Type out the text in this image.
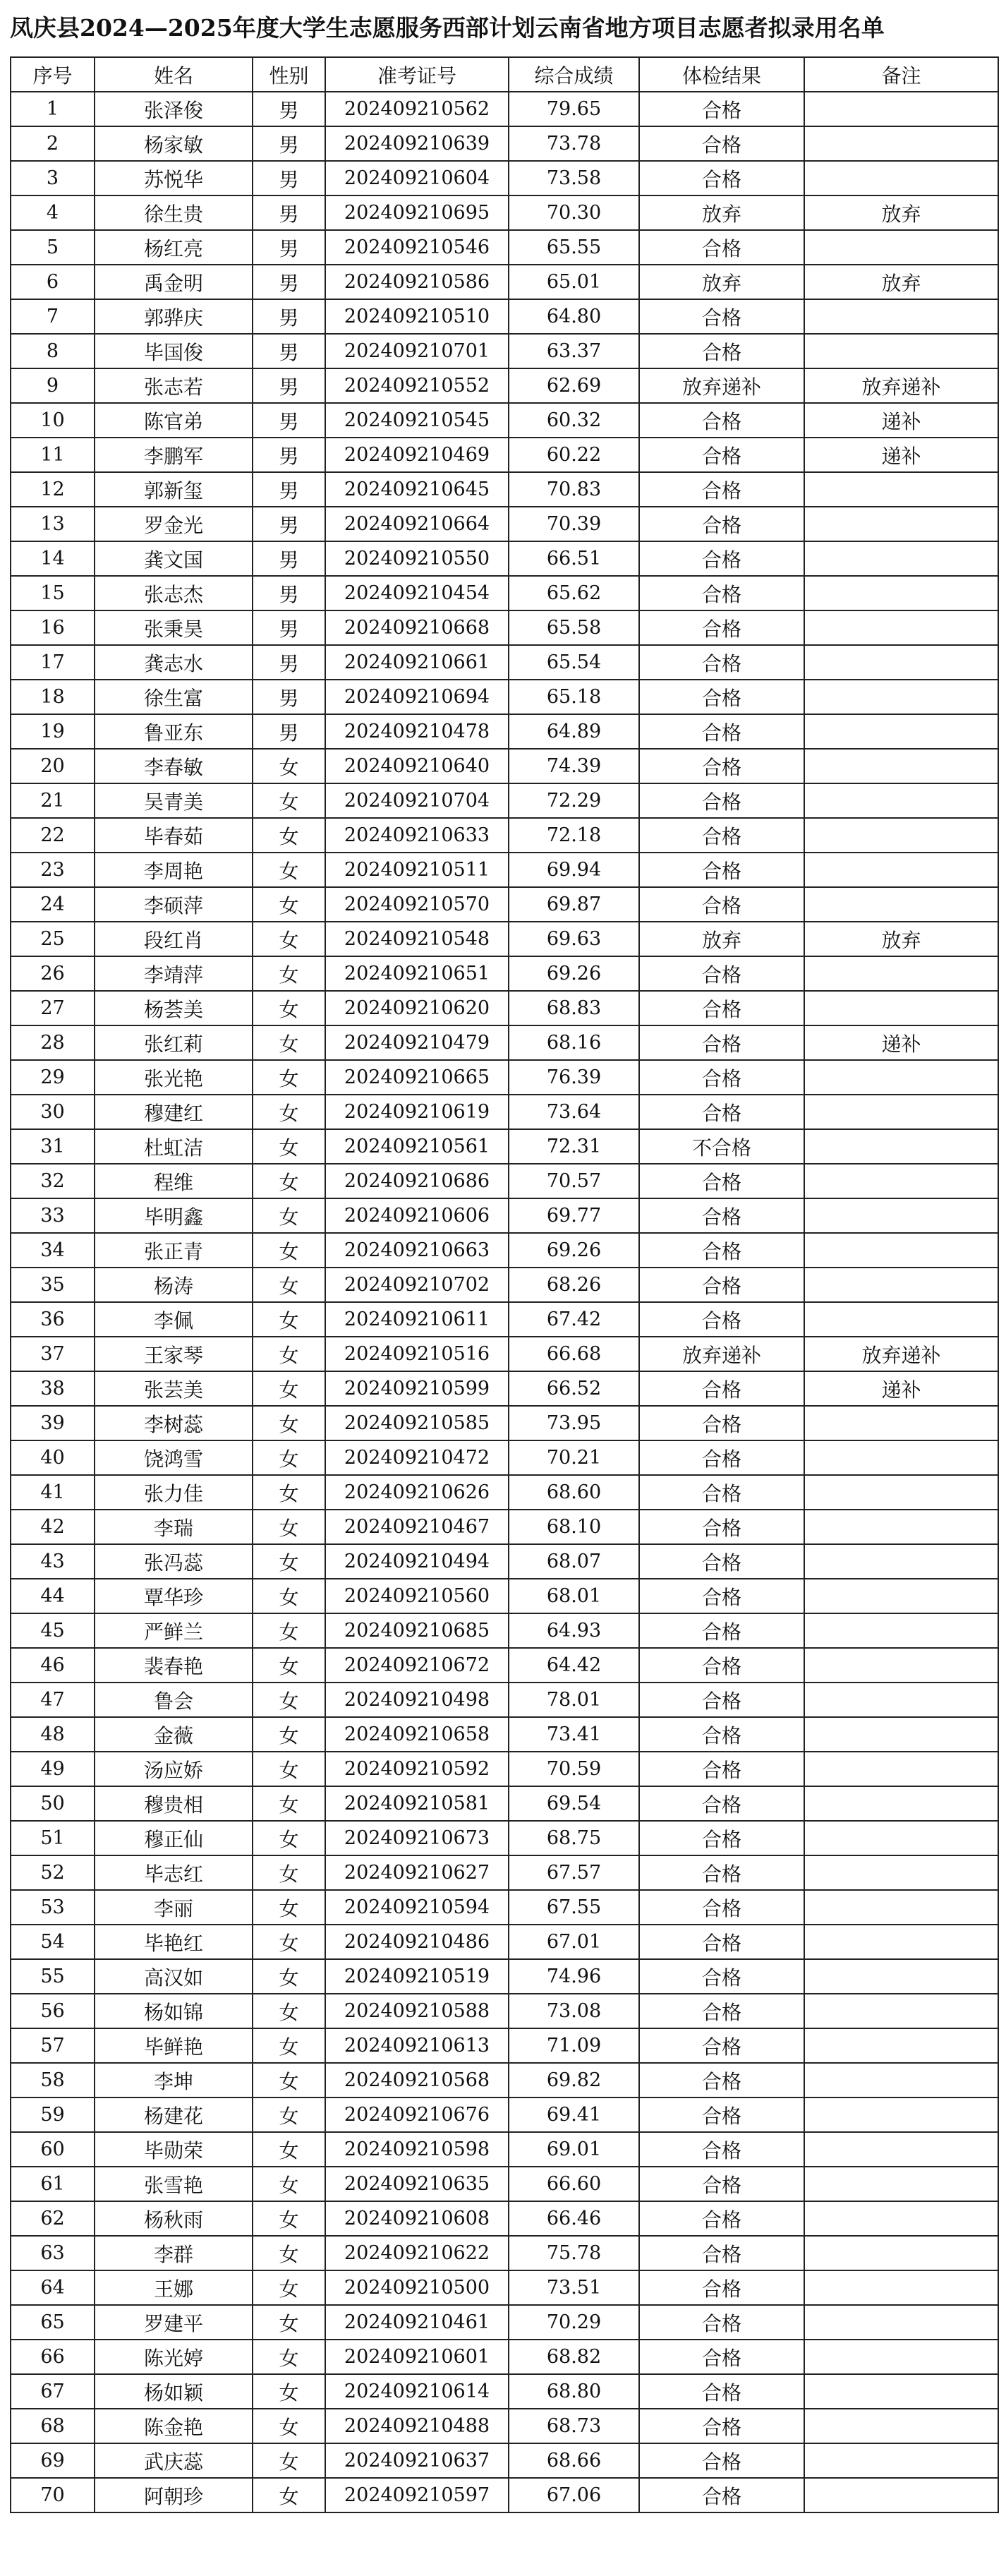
凤庆县2024—2025年度大学生志愿服务西部计划云南省地方项目志愿者拟录用名单
序号	姓名	性别	准考证号	综合成绩	体检结果	备注
1	张泽俊	男	202409210562	79.65	合格	
2	杨家敏	男	202409210639	73.78	合格	
3	苏悦华	男	202409210604	73.58	合格	
4	徐生贵	男	202409210695	70.30	放弃	放弃
5	杨红亮	男	202409210546	65.55	合格	
6	禹金明	男	202409210586	65.01	放弃	放弃
7	郭骅庆	男	202409210510	64.80	合格	
8	毕国俊	男	202409210701	63.37	合格	
9	张志若	男	202409210552	62.69	放弃递补	放弃递补
10	陈官弟	男	202409210545	60.32	合格	递补
11	李鹏军	男	202409210469	60.22	合格	递补
12	郭新玺	男	202409210645	70.83	合格	
13	罗金光	男	202409210664	70.39	合格	
14	龚文国	男	202409210550	66.51	合格	
15	张志杰	男	202409210454	65.62	合格	
16	张秉昊	男	202409210668	65.58	合格	
17	龚志水	男	202409210661	65.54	合格	
18	徐生富	男	202409210694	65.18	合格	
19	鲁亚东	男	202409210478	64.89	合格	
20	李春敏	女	202409210640	74.39	合格	
21	吴青美	女	202409210704	72.29	合格	
22	毕春茹	女	202409210633	72.18	合格	
23	李周艳	女	202409210511	69.94	合格	
24	李硕萍	女	202409210570	69.87	合格	
25	段红肖	女	202409210548	69.63	放弃	放弃
26	李靖萍	女	202409210651	69.26	合格	
27	杨荟美	女	202409210620	68.83	合格	
28	张红莉	女	202409210479	68.16	合格	递补
29	张光艳	女	202409210665	76.39	合格	
30	穆建红	女	202409210619	73.64	合格	
31	杜虹洁	女	202409210561	72.31	不合格	
32	程维	女	202409210686	70.57	合格	
33	毕明鑫	女	202409210606	69.77	合格	
34	张正青	女	202409210663	69.26	合格	
35	杨涛	女	202409210702	68.26	合格	
36	李佩	女	202409210611	67.42	合格	
37	王家琴	女	202409210516	66.68	放弃递补	放弃递补
38	张芸美	女	202409210599	66.52	合格	递补
39	李树蕊	女	202409210585	73.95	合格	
40	饶鸿雪	女	202409210472	70.21	合格	
41	张力佳	女	202409210626	68.60	合格	
42	李瑞	女	202409210467	68.10	合格	
43	张冯蕊	女	202409210494	68.07	合格	
44	覃华珍	女	202409210560	68.01	合格	
45	严鲜兰	女	202409210685	64.93	合格	
46	裴春艳	女	202409210672	64.42	合格	
47	鲁会	女	202409210498	78.01	合格	
48	金薇	女	202409210658	73.41	合格	
49	汤应娇	女	202409210592	70.59	合格	
50	穆贵相	女	202409210581	69.54	合格	
51	穆正仙	女	202409210673	68.75	合格	
52	毕志红	女	202409210627	67.57	合格	
53	李丽	女	202409210594	67.55	合格	
54	毕艳红	女	202409210486	67.01	合格	
55	高汉如	女	202409210519	74.96	合格	
56	杨如锦	女	202409210588	73.08	合格	
57	毕鲜艳	女	202409210613	71.09	合格	
58	李坤	女	202409210568	69.82	合格	
59	杨建花	女	202409210676	69.41	合格	
60	毕勋荣	女	202409210598	69.01	合格	
61	张雪艳	女	202409210635	66.60	合格	
62	杨秋雨	女	202409210608	66.46	合格	
63	李群	女	202409210622	75.78	合格	
64	王娜	女	202409210500	73.51	合格	
65	罗建平	女	202409210461	70.29	合格	
66	陈光婷	女	202409210601	68.82	合格	
67	杨如颖	女	202409210614	68.80	合格	
68	陈金艳	女	202409210488	68.73	合格	
69	武庆蕊	女	202409210637	68.66	合格	
70	阿朝珍	女	202409210597	67.06	合格	
